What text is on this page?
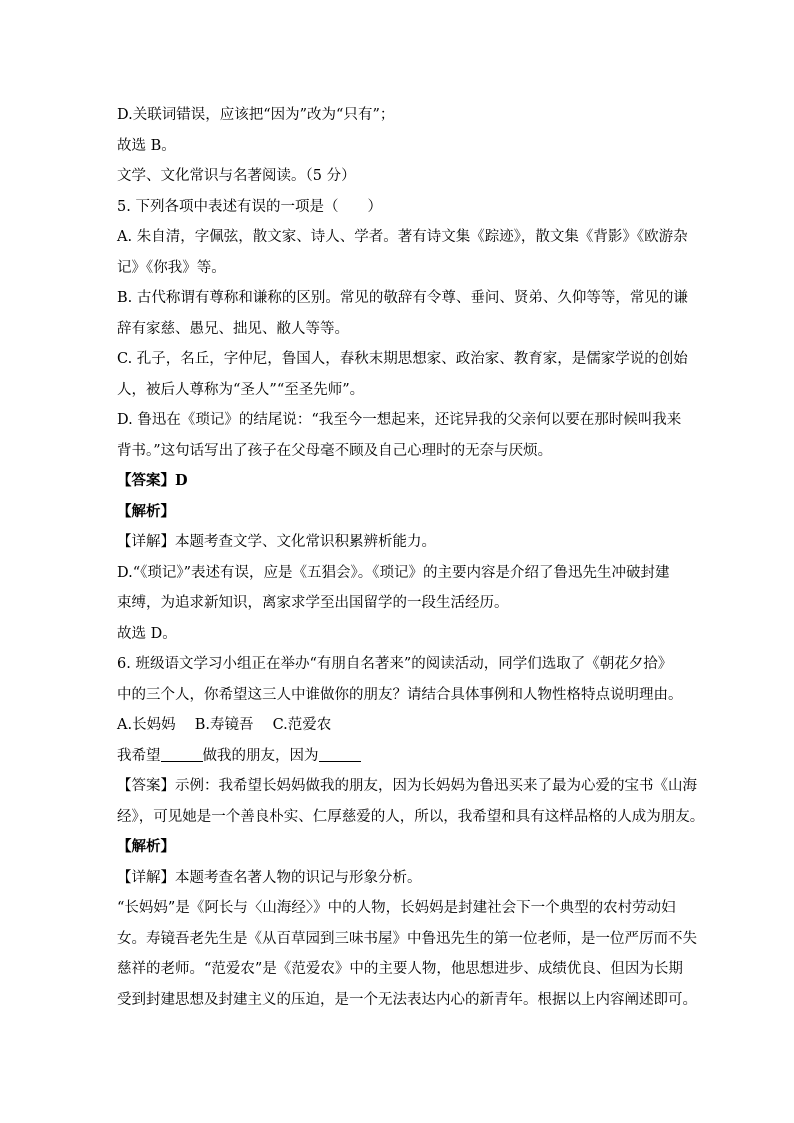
D.关联词错误，应该把“因为”改为“只有”；

故选 B。

文学、文化常识与名著阅读。（5 分）

5. 下列各项中表述有误的一项是（　　）

A. 朱自清，字佩弦，散文家、诗人、学者。著有诗文集《踪迹》，散文集《背影》《欧游杂

记》《你我》等。

B. 古代称谓有尊称和谦称的区别。常见的敬辞有令尊、垂问、贤弟、久仰等等，常见的谦

辞有家慈、愚兄、拙见、敝人等等。

C. 孔子，名丘，字仲尼，鲁国人，春秋末期思想家、政治家、教育家，是儒家学说的创始

人，被后人尊称为“圣人”“至圣先师”。

D. 鲁迅在《琐记》的结尾说：“我至今一想起来，还诧异我的父亲何以要在那时候叫我来

背书。”这句话写出了孩子在父母毫不顾及自己心理时的无奈与厌烦。

【答案】D

【解析】

【详解】本题考查文学、文化常识积累辨析能力。

D.“《琐记》”表述有误，应是《五猖会》。《琐记》的主要内容是介绍了鲁迅先生冲破封建

束缚，为追求新知识，离家求学至出国留学的一段生活经历。

故选 D。

6. 班级语文学习小组正在举办“有朋自名著来”的阅读活动，同学们选取了《朝花夕拾》

中的三个人，你希望这三人中谁做你的朋友？请结合具体事例和人物性格特点说明理由。

A.长妈妈　 B.寿镜吾　 C.范爱农

我希望	做我的朋友，因为

【答案】示例：我希望长妈妈做我的朋友，因为长妈妈为鲁迅买来了最为心爱的宝书《山海

经》，可见她是一个善良朴实、仁厚慈爱的人，所以，我希望和具有这样品格的人成为朋友。

【解析】

【详解】本题考查名著人物的识记与形象分析。

“长妈妈”是《阿长与〈山海经〉》中的人物，长妈妈是封建社会下一个典型的农村劳动妇

女。寿镜吾老先生是《从百草园到三味书屋》中鲁迅先生的第一位老师，是一位严厉而不失

慈祥的老师。“范爱农”是《范爱农》中的主要人物，他思想进步、成绩优良、但因为长期

受到封建思想及封建主义的压迫，是一个无法表达内心的新青年。根据以上内容阐述即可。
